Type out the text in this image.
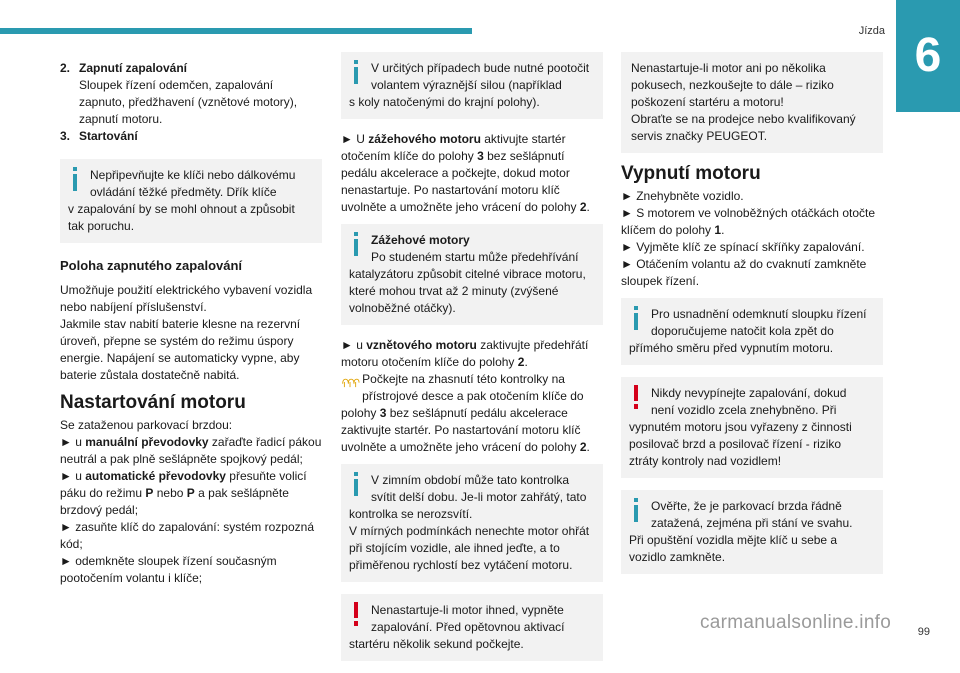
Jízda 6
2. Zapnutí zapalování
Sloupek řízení odemčen, zapalování zapnuto, předžhavení (vznětové motory), zapnutí motoru.
3. Startování
Nepřipevňujte ke klíči nebo dálkovému ovládání těžké předměty. Dřík klíče
v zapalování by se mohl ohnout a způsobit tak poruchu.
Poloha zapnutého zapalování

Umožňuje použití elektrického vybavení vozidla nebo nabíjení příslušenství.

Jakmile stav nabití baterie klesne na rezervní úroveň, přepne se systém do režimu úspory energie. Napájení se automaticky vypne, aby baterie zůstala dostatečně nabitá.

Nastartování motoru
Se zataženou parkovací brzdou:
► u manuální převodovky zařaďte řadicí pákou neutrál a pak plně sešlápněte spojkový pedál;
► u automatické převodovky přesuňte volicí páku do režimu P nebo P a pak sešlápněte brzdový pedál;
► zasuňte klíč do zapalování: systém rozpozná kód;
► odemkněte sloupek řízení současným pootočením volantu i klíče;
V určitých případech bude nutné pootočit volantem výraznější silou (například
s koly natočenými do krajní polohy).

► U zážehového motoru aktivujte startér otočením klíče do polohy 3 bez sešlápnutí pedálu akcelerace a počkejte, dokud motor nenastartuje. Po nastartování motoru klíč uvolněte a umožněte jeho vrácení do polohy 2.

Zážehové motory
Po studeném startu může předehřívání
katalyzátoru způsobit citelné vibrace motoru, které mohou trvat až 2 minuty (zvýšené volnoběžné otáčky).
► u vznětového motoru zaktivujte předehřátí motoru otočením klíče do polohy 2.
Počkejte na zhasnutí této kontrolky na přístrojové desce a pak otočením klíče do

polohy 3 bez sešlápnutí pedálu akcelerace zaktivujte startér. Po nastartování motoru klíč uvolněte a umožněte jeho vrácení do polohy 2.

V zimním období může tato kontrolka svítit delší dobu. Je-li motor zahřátý, tato
kontrolka se nerozsvítí.
V mírných podmínkách nenechte motor ohřát při stojícím vozidle, ale ihned jeďte, a to přiměřenou rychlostí bez vytáčení motoru.
Nenastartuje-li motor ihned, vypněte zapalování. Před opětovnou aktivací
startéru několik sekund počkejte.
Nenastartuje-li motor ani po několika pokusech, nezkoušejte to dále – riziko poškození startéru a motoru!
Obraťte se na prodejce nebo kvalifikovaný servis značky PEUGEOT.
Vypnutí motoru
► Znehybněte vozidlo.
► S motorem ve volnoběžných otáčkách otočte klíčem do polohy 1.
► Vyjměte klíč ze spínací skříňky zapalování.
► Otáčením volantu až do cvaknutí zamkněte sloupek řízení.
Pro usnadnění odemknutí sloupku řízení doporučujeme natočit kola zpět do
přímého směru před vypnutím motoru.
Nikdy nevypínejte zapalování, dokud není vozidlo zcela znehybněno. Při
vypnutém motoru jsou vyřazeny z činnosti posilovač brzd a posilovač řízení - riziko ztráty kontroly nad vozidlem!
Ověřte, že je parkovací brzda řádně zatažená, zejména při stání ve svahu.
Při opuštění vozidla mějte klíč u sebe a vozidlo zamkněte.
carmanualsonline.info 99
